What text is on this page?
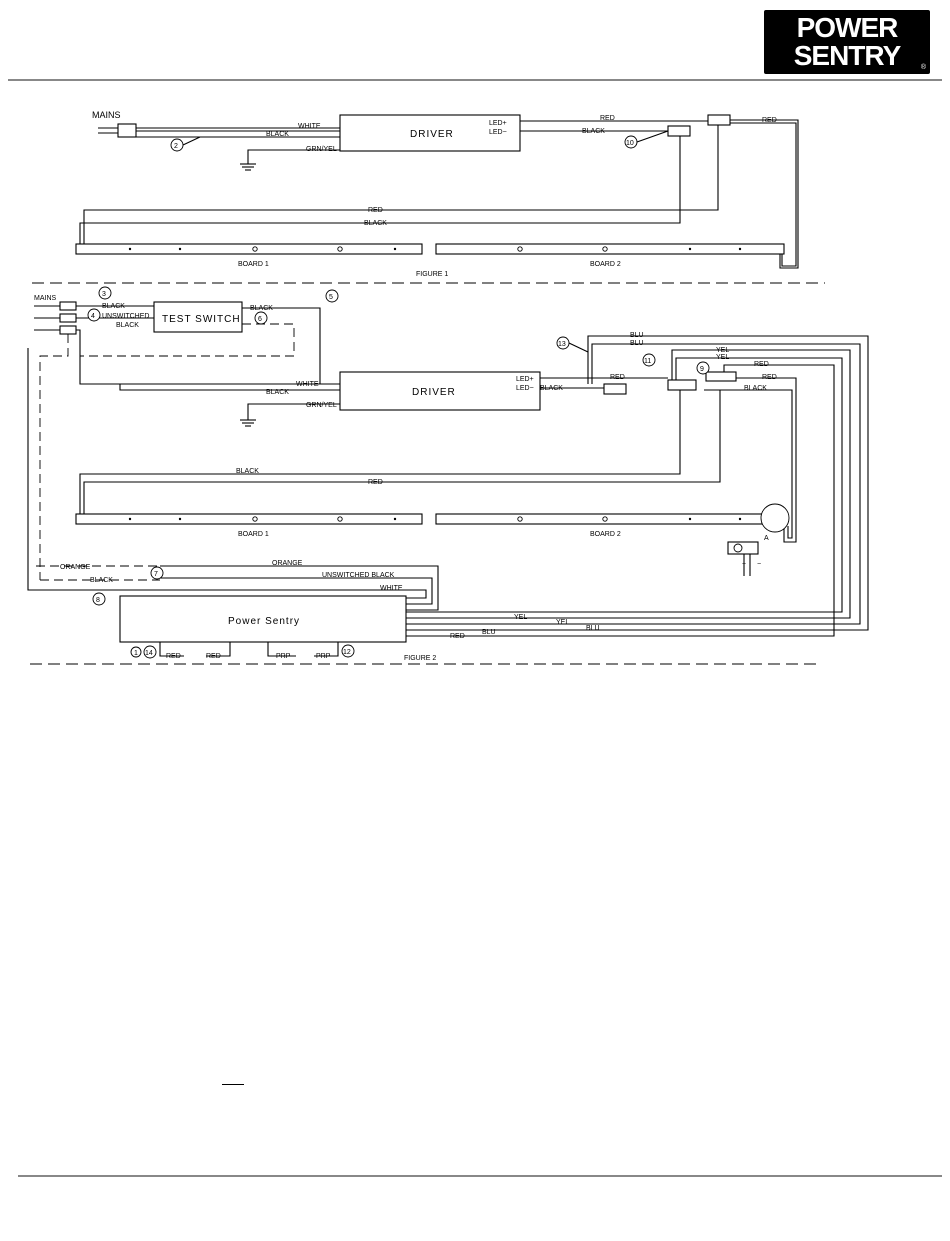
POWER
SENTRY	®
MAINS
WHITE
BLACK
GRN/YEL
2
DRIVER
LED+
LED−
RED
BLACK
10
RED
RED
BLACK
BOARD 1	BOARD 2
FIGURE 1
MAINS
BLACK
UNSWITCHED
BLACK
3
4	TEST SWITCH
BLACK
5
6
WHITE
BLACK
GRN/YEL
DRIVER
LED+
LED−
RED
BLACK
BLU
BLU
YEL
YEL
RED
RED
BLACK
13
11
9
BLACK
RED
A
BOARD 1	BOARD 2
+ −
ORANGE
ORANGE
BLACK
UNSWITCHED BLACK
WHITE
7
8
Power Sentry	YEL
YEL
BLU
BLU
RED
RED	RED	PRP	PRP
1 14	12
FIGURE 2
